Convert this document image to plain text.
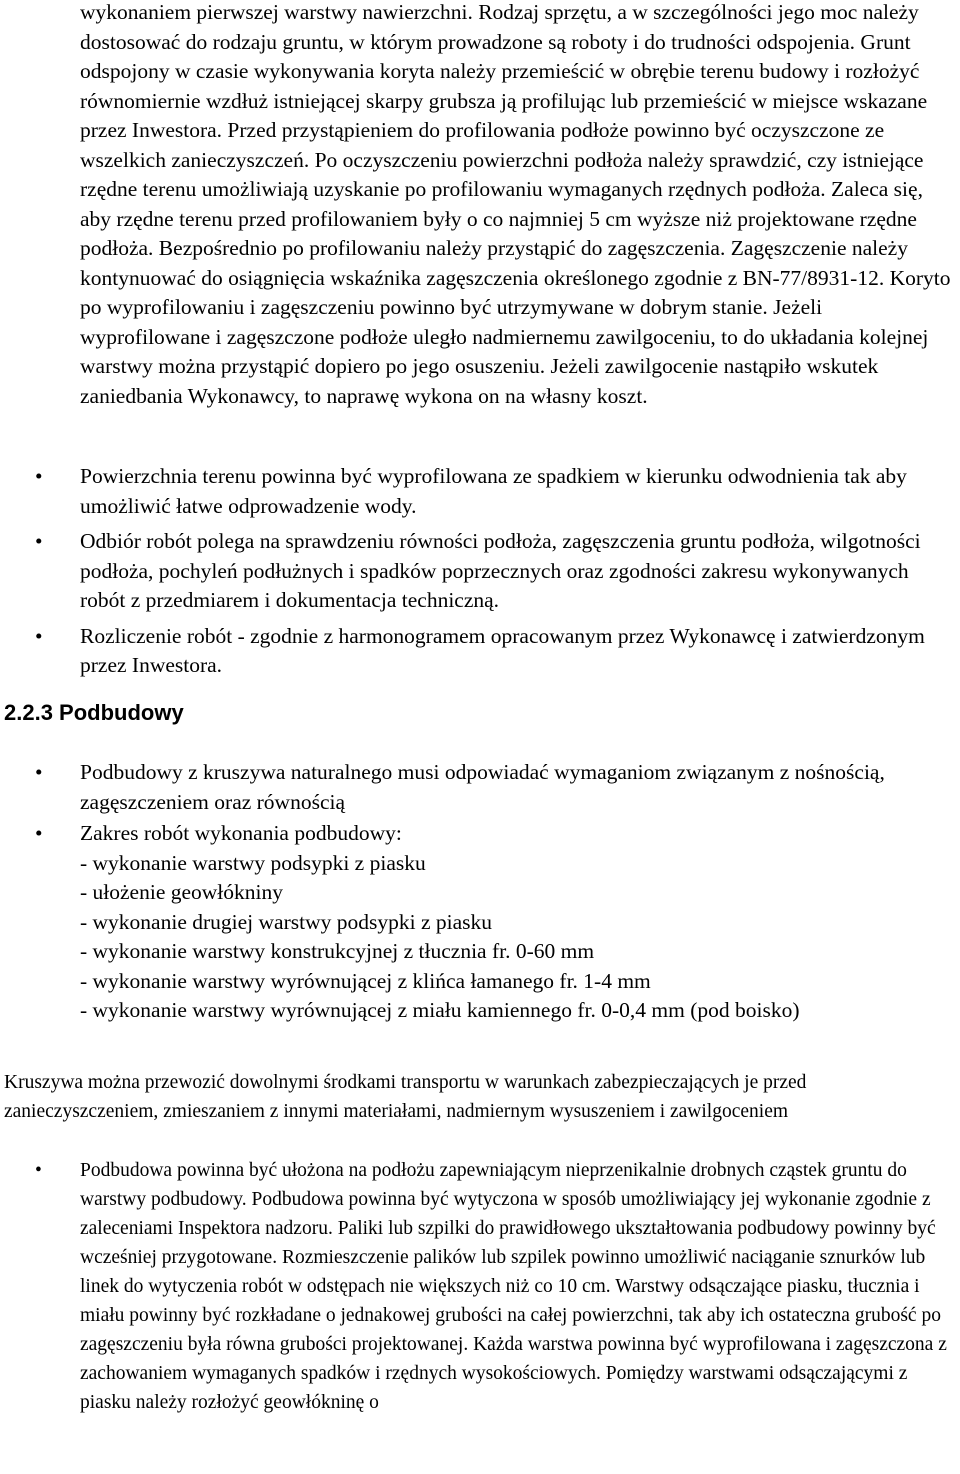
wykonaniem pierwszej warstwy nawierzchni. Rodzaj sprzętu, a w szczególności jego moc należy dostosować do rodzaju gruntu, w którym prowadzone są roboty i do trudności odspojenia. Grunt odspojony w czasie wykonywania koryta należy przemieścić w obrębie terenu budowy i rozłożyć równomiernie wzdłuż istniejącej skarpy grubsza ją profilując lub przemieścić w miejsce wskazane przez Inwestora. Przed przystąpieniem do profilowania podłoże powinno być oczyszczone ze wszelkich zanieczyszczeń. Po oczyszczeniu powierzchni podłoża należy sprawdzić, czy istniejące rzędne terenu umożliwiają uzyskanie po profilowaniu wymaganych rzędnych podłoża. Zaleca się, aby rzędne terenu przed profilowaniem były o co najmniej 5 cm wyższe niż projektowane rzędne podłoża. Bezpośrednio po profilowaniu należy przystąpić do zagęszczenia. Zagęszczenie należy kontynuować do osiągnięcia wskaźnika zagęszczenia określonego zgodnie z BN-77/8931-12. Koryto po wyprofilowaniu i zagęszczeniu powinno być utrzymywane w dobrym stanie. Jeżeli wyprofilowane i zagęszczone podłoże uległo nadmiernemu zawilgoceniu, to do układania kolejnej warstwy można przystąpić dopiero po jego osuszeniu. Jeżeli zawilgocenie nastąpiło wskutek zaniedbania Wykonawcy, to naprawę wykona on na własny koszt.

• Powierzchnia terenu powinna być wyprofilowana ze spadkiem w kierunku odwodnienia tak aby umożliwić łatwe odprowadzenie wody.
• Odbiór robót polega na sprawdzeniu równości podłoża, zagęszczenia gruntu podłoża, wilgotności podłoża, pochyleń podłużnych i spadków poprzecznych oraz zgodności zakresu wykonywanych robót z przedmiarem i dokumentacja techniczną.
• Rozliczenie robót - zgodnie z harmonogramem opracowanym przez Wykonawcę i zatwierdzonym przez Inwestora.
2.2.3 Podbudowy
• Podbudowy z kruszywa naturalnego musi odpowiadać wymaganiom związanym z nośnością, zagęszczeniem oraz równością
• Zakres robót wykonania podbudowy:
- wykonanie warstwy podsypki z piasku
- ułożenie geowłókniny
- wykonanie drugiej warstwy podsypki z piasku
- wykonanie warstwy konstrukcyjnej z tłucznia fr. 0-60 mm
- wykonanie warstwy wyrównującej z klińca łamanego fr. 1-4 mm
- wykonanie warstwy wyrównującej z miału kamiennego fr. 0-0,4 mm (pod boisko)

Kruszywa można przewozić dowolnymi środkami transportu w warunkach zabezpieczających je przed zanieczyszczeniem, zmieszaniem z innymi materiałami, nadmiernym wysuszeniem i zawilgoceniem

• Podbudowa powinna być ułożona na podłożu zapewniającym nieprzenikalnie drobnych cząstek gruntu do warstwy podbudowy. Podbudowa powinna być wytyczona w sposób umożliwiający jej wykonanie zgodnie z zaleceniami Inspektora nadzoru. Paliki lub szpilki do prawidłowego ukształtowania podbudowy powinny być wcześniej przygotowane. Rozmieszczenie palików lub szpilek powinno umożliwić naciąganie sznurków lub linek do wytyczenia robót w odstępach nie większych niż co 10 cm. Warstwy odsączające piasku, tłucznia i miału powinny być rozkładane o jednakowej grubości na całej powierzchni, tak aby ich ostateczna grubość po zagęszczeniu była równa grubości projektowanej. Każda warstwa powinna być wyprofilowana i zagęszczona z zachowaniem wymaganych spadków i rzędnych wysokościowych. Pomiędzy warstwami odsączającymi z piasku należy rozłożyć geowłókninę o
